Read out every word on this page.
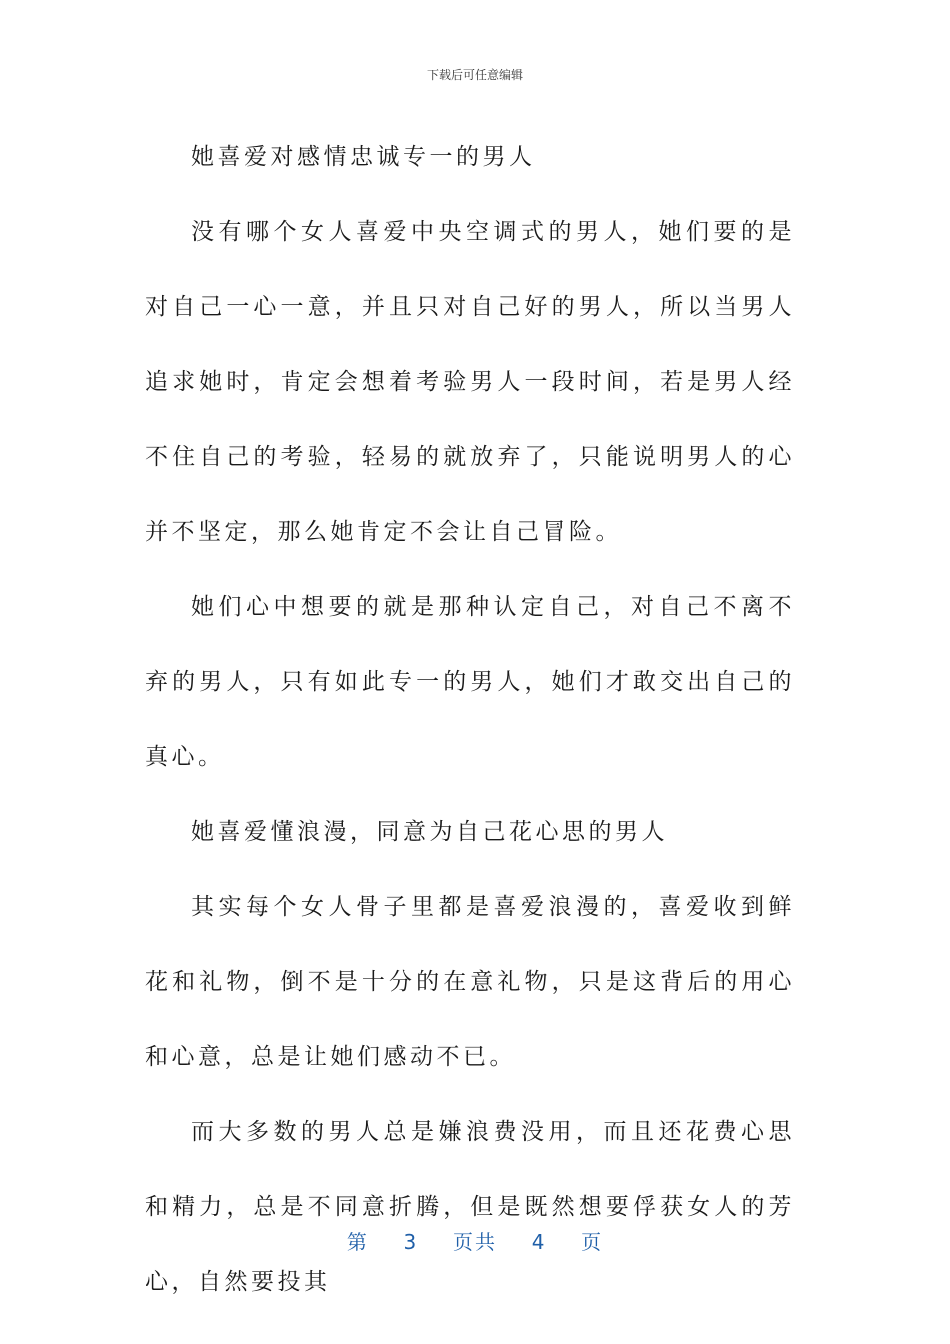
下载后可任意编辑

她喜爱对感情忠诚专一的男人

没有哪个女人喜爱中央空调式的男人，她们要的是对自己一心一意，并且只对自己好的男人，所以当男人追求她时，肯定会想着考验男人一段时间，若是男人经不住自己的考验，轻易的就放弃了，只能说明男人的心并不坚定，那么她肯定不会让自己冒险。

她们心中想要的就是那种认定自己，对自己不离不弃的男人，只有如此专一的男人，她们才敢交出自己的真心。

她喜爱懂浪漫，同意为自己花心思的男人

其实每个女人骨子里都是喜爱浪漫的，喜爱收到鲜花和礼物，倒不是十分的在意礼物，只是这背后的用心和心意，总是让她们感动不已。

而大多数的男人总是嫌浪费没用，而且还花费心思和精力，总是不同意折腾，但是既然想要俘获女人的芳心，自然要投其

第 3 页共 4 页
